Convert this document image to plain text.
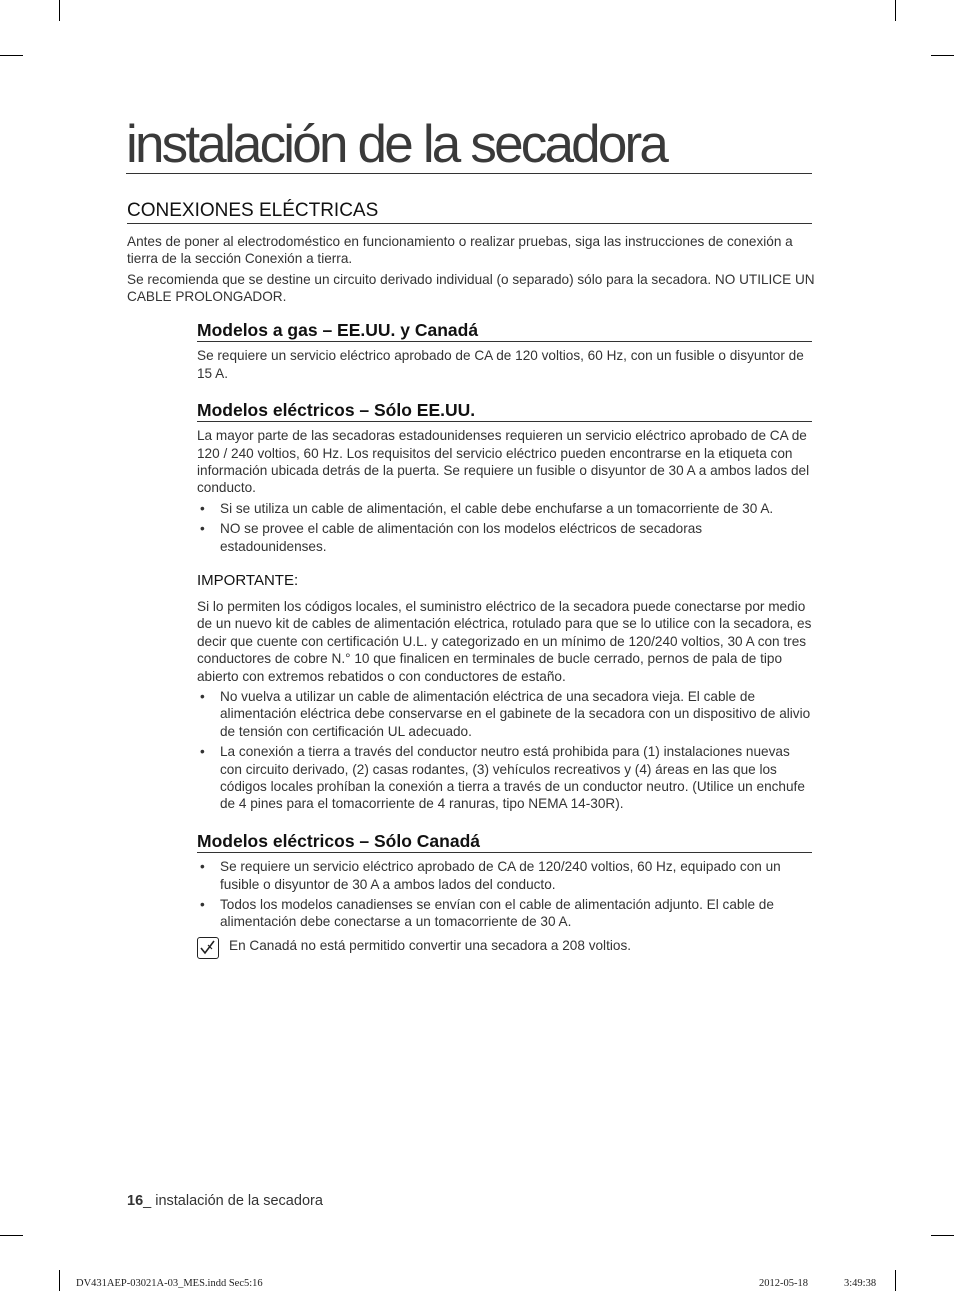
instalación de la secadora
CONEXIONES ELÉCTRICAS

Antes de poner al electrodoméstico en funcionamiento o realizar pruebas, siga las instrucciones de conexión a tierra de la sección Conexión a tierra.

Se recomienda que se destine un circuito derivado individual (o separado) sólo para la secadora. NO UTILICE UN CABLE PROLONGADOR.

Modelos a gas – EE.UU. y Canadá

Se requiere un servicio eléctrico aprobado de CA de 120 voltios, 60 Hz, con un fusible o disyuntor de 15 A.

Modelos eléctricos – Sólo EE.UU.

La mayor parte de las secadoras estadounidenses requieren un servicio eléctrico aprobado de CA de 120 / 240 voltios, 60 Hz. Los requisitos del servicio eléctrico pueden encontrarse en la etiqueta con información ubicada detrás de la puerta. Se requiere un fusible o disyuntor de 30 A a ambos lados del conducto.

• Si se utiliza un cable de alimentación, el cable debe enchufarse a un tomacorriente de 30 A.
• NO se provee el cable de alimentación con los modelos eléctricos de secadoras estadounidenses.
IMPORTANTE:

Si lo permiten los códigos locales, el suministro eléctrico de la secadora puede conectarse por medio de un nuevo kit de cables de alimentación eléctrica, rotulado para que se lo utilice con la secadora, es decir que cuente con certificación U.L. y categorizado en un mínimo de 120/240 voltios, 30 A con tres conductores de cobre N.° 10 que finalicen en terminales de bucle cerrado, pernos de pala de tipo abierto con extremos rebatidos o con conductores de estaño.

• No vuelva a utilizar un cable de alimentación eléctrica de una secadora vieja. El cable de alimentación eléctrica debe conservarse en el gabinete de la secadora con un dispositivo de alivio de tensión con certificación UL adecuado.
• La conexión a tierra a través del conductor neutro está prohibida para (1) instalaciones nuevas con circuito derivado, (2) casas rodantes, (3) vehículos recreativos y (4) áreas en las que los códigos locales prohíban la conexión a tierra a través de un conductor neutro. (Utilice un enchufe de 4 pines para el tomacorriente de 4 ranuras, tipo NEMA 14-30R).
Modelos eléctricos – Sólo Canadá
• Se requiere un servicio eléctrico aprobado de CA de 120/240 voltios, 60 Hz, equipado con un fusible o disyuntor de 30 A a ambos lados del conducto.
• Todos los modelos canadienses se envían con el cable de alimentación adjunto. El cable de alimentación debe conectarse a un tomacorriente de 30 A.

En Canadá no está permitido convertir una secadora a 208 voltios.

16_ instalación de la secadora
DV431AEP-03021A-03_MES.indd Sec5:16	2012-05-18	3:49:38
